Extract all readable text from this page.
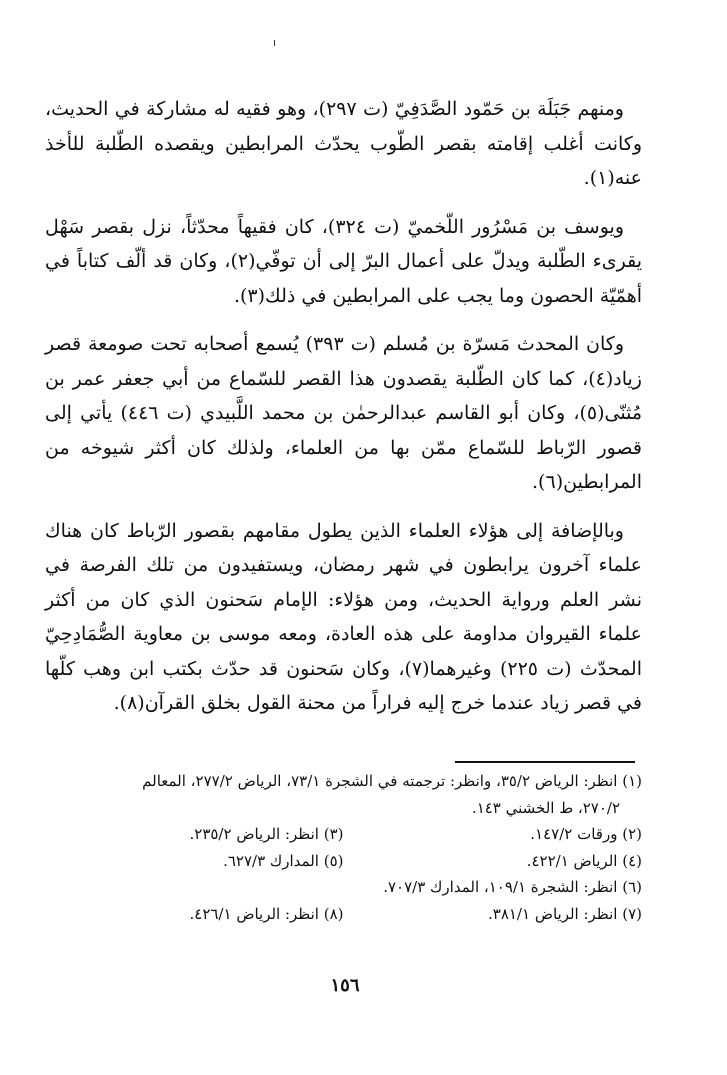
ومنهم جَبَلَة بن حَمّود الصَّدَفِيّ (ت ٢٩٧)، وهو فقيه له مشاركة في الحديث، وكانت أغلب إقامته بقصر الطّوب يحدّث المرابطين ويقصده الطّلبة للأخذ عنه(١).

ويوسف بن مَسْرُور اللّخميّ (ت ٣٢٤)، كان فقيهاً محدّثاً، نزل بقصر سَهْل يقرىء الطّلبة ويدلّ على أعمال البرّ إلى أن توفّي(٢)، وكان قد ألّف كتاباً في أهمّيّة الحصون وما يجب على المرابطين في ذلك(٣).

وكان المحدث مَسرّة بن مُسلم (ت ٣٩٣) يُسمع أصحابه تحت صومعة قصر زياد(٤)، كما كان الطّلبة يقصدون هذا القصر للسّماع من أبي جعفر عمر بن مُثنّى(٥)، وكان أبو القاسم عبدالرحمٰن بن محمد اللَّبيدي (ت ٤٤٦) يأتي إلى قصور الرّباط للسّماع ممّن بها من العلماء، ولذلك كان أكثر شيوخه من المرابطين(٦).

وبالإضافة إلى هؤلاء العلماء الذين يطول مقامهم بقصور الرّباط كان هناك علماء آخرون يرابطون في شهر رمضان، ويستفيدون من تلك الفرصة في نشر العلم ورواية الحديث، ومن هؤلاء: الإمام سَحنون الذي كان من أكثر علماء القيروان مداومة على هذه العادة، ومعه موسى بن معاوية الصُّمَادِحِيّ المحدّث (ت ٢٢٥) وغيرهما(٧)، وكان سَحنون قد حدّث بكتب ابن وهب كلّها في قصر زياد عندما خرج إليه فراراً من محنة القول بخلق القرآن(٨).

(١) انظر: الرياض ٣٥/٢، وانظر: ترجمته في الشجرة ٧٣/١، الرياض ٢٧٧/٢، المعالم
٢٧٠/٢، ط الخشني ١٤٣.
(٢) ورقات ١٤٧/٢.
(٣) انظر: الرياض ٢٣٥/٢.
(٤) الرياض ٤٢٢/١.
(٥) المدارك ٦٢٧/٣.
(٦) انظر: الشجرة ١٠٩/١، المدارك ٧٠٧/٣.
(٧) انظر: الرياض ٣٨١/١.
(٨) انظر: الرياض ٤٢٦/١.
١٥٦
